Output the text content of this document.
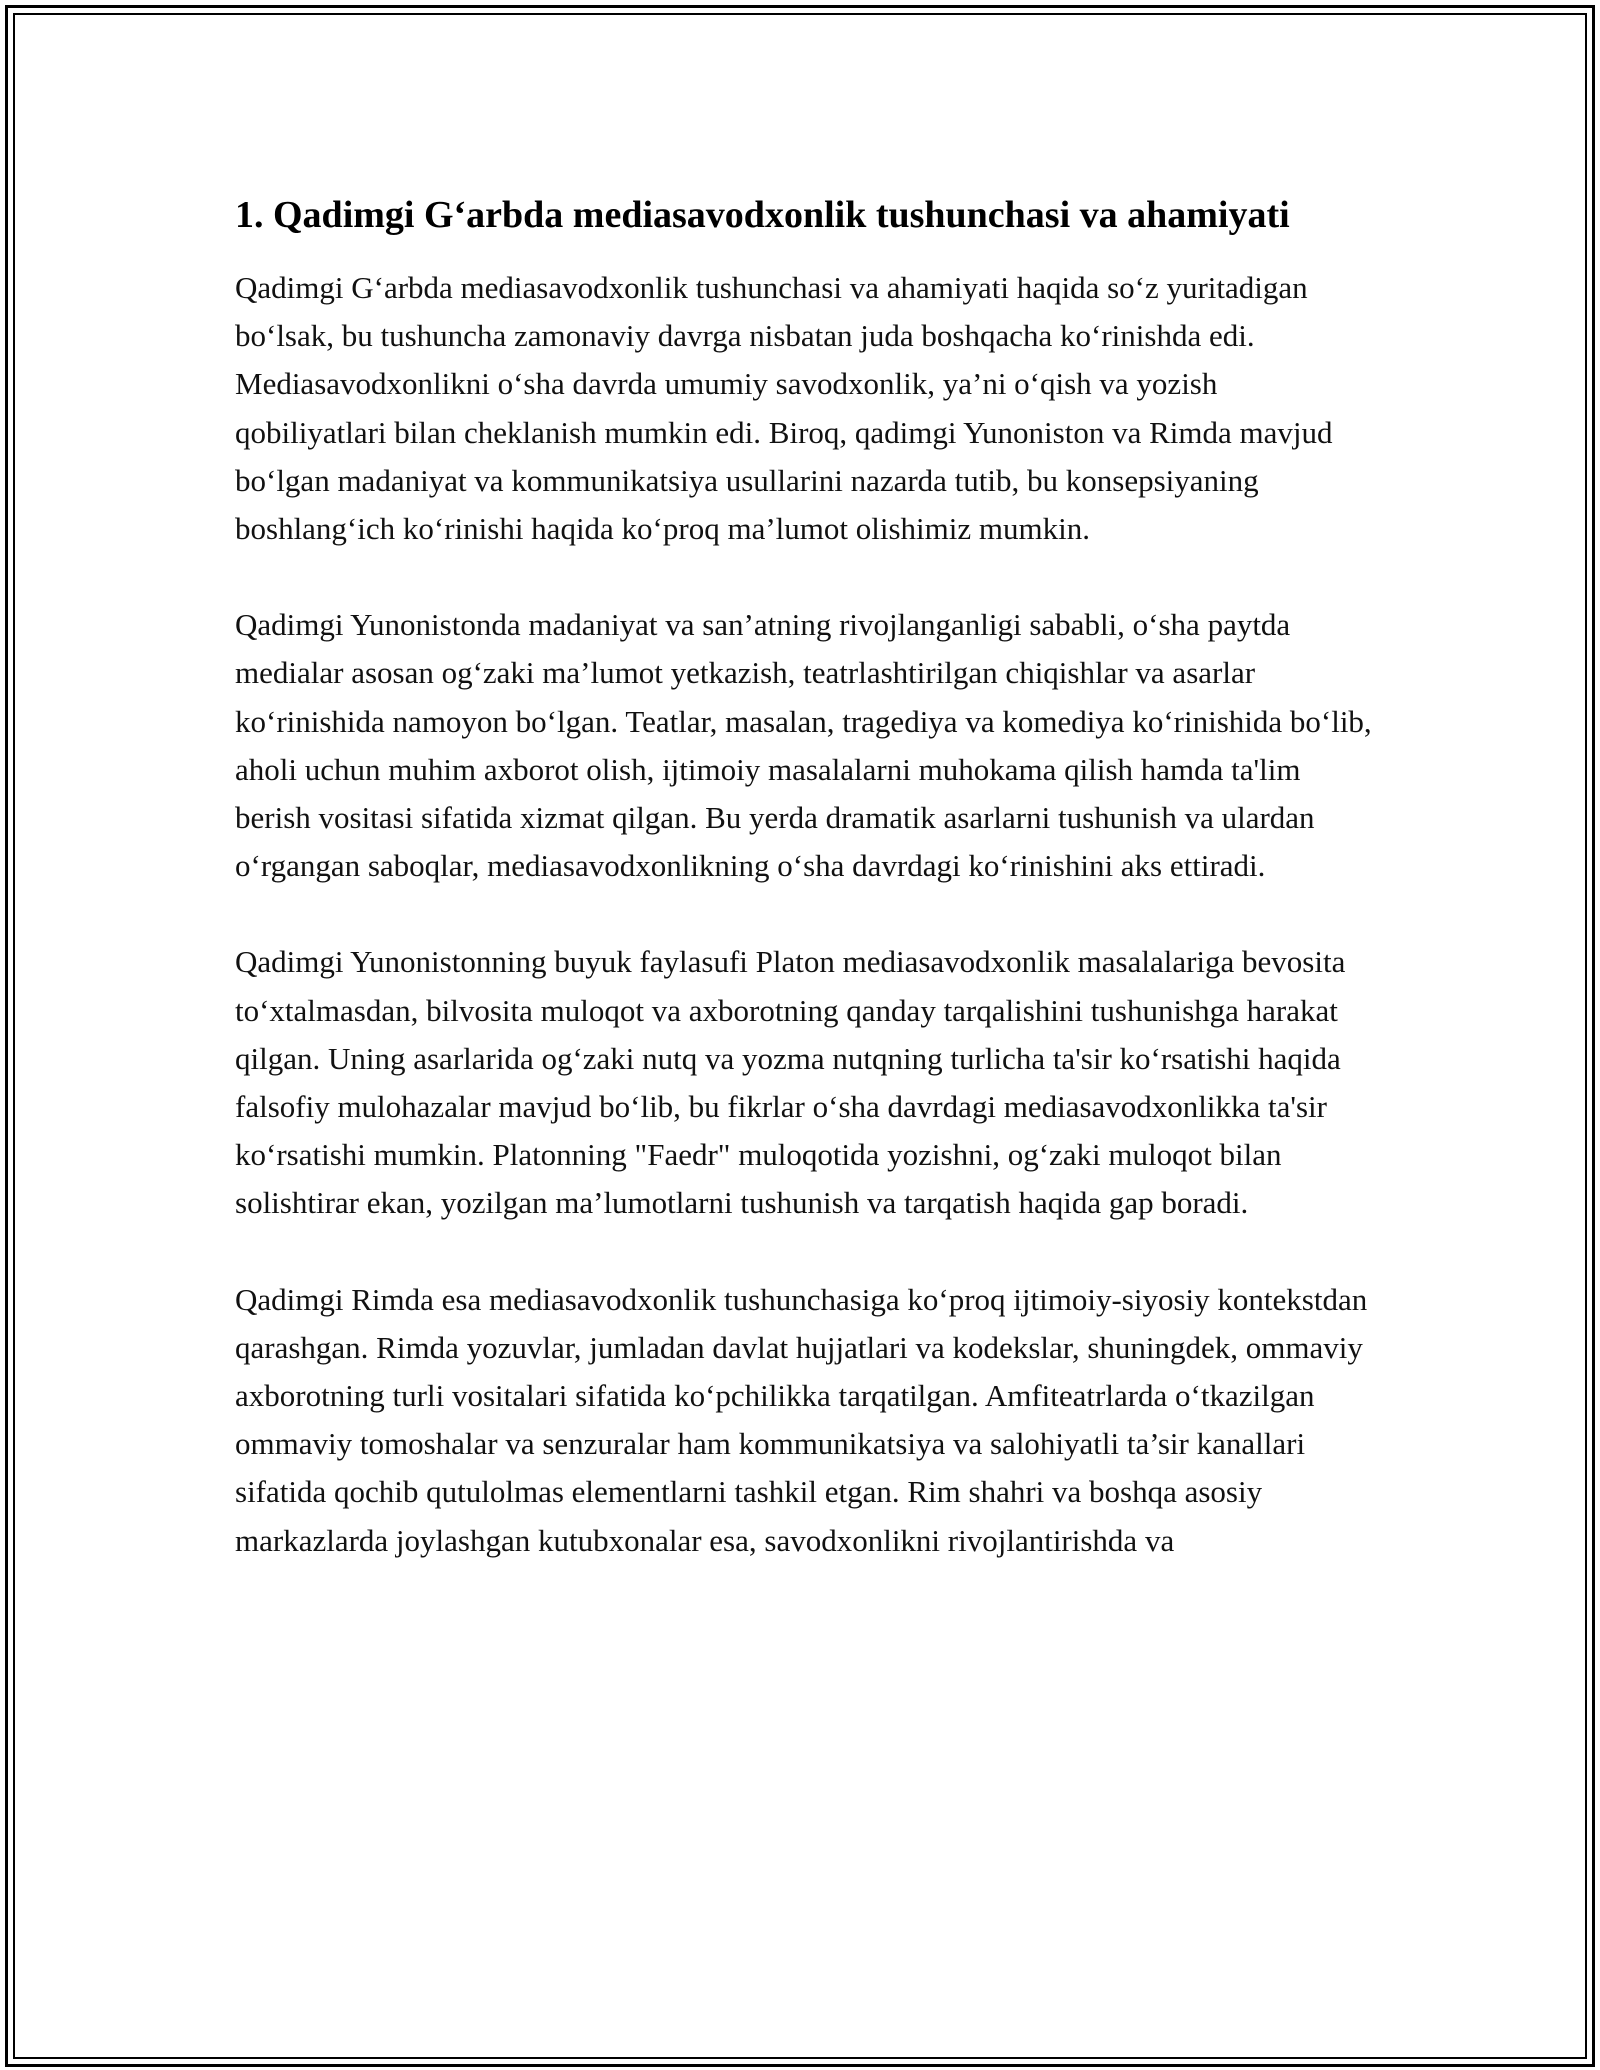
1. Qadimgi G‘arbda mediasavodxonlik tushunchasi va ahamiyati

Qadimgi G‘arbda mediasavodxonlik tushunchasi va ahamiyati haqida so‘z yuritadigan bo‘lsak, bu tushuncha zamonaviy davrga nisbatan juda boshqacha ko‘rinishda edi. Mediasavodxonlikni o‘sha davrda umumiy savodxonlik, ya’ni o‘qish va yozish qobiliyatlari bilan cheklanish mumkin edi. Biroq, qadimgi Yunoniston va Rimda mavjud bo‘lgan madaniyat va kommunikatsiya usullarini nazarda tutib, bu konsepsiyaning boshlang‘ich ko‘rinishi haqida ko‘proq ma’lumot olishimiz mumkin.

Qadimgi Yunonistonda madaniyat va san’atning rivojlanganligi sababli, o‘sha paytda medialar asosan og‘zaki ma’lumot yetkazish, teatrlashtirilgan chiqishlar va asarlar ko‘rinishida namoyon bo‘lgan. Teatlar, masalan, tragediya va komediya ko‘rinishida bo‘lib, aholi uchun muhim axborot olish, ijtimoiy masalalarni muhokama qilish hamda ta'lim berish vositasi sifatida xizmat qilgan. Bu yerda dramatik asarlarni tushunish va ulardan o‘rgangan saboqlar, mediasavodxonlikning o‘sha davrdagi ko‘rinishini aks ettiradi.

Qadimgi Yunonistonning buyuk faylasufi Platon mediasavodxonlik masalalariga bevosita to‘xtalmasdan, bilvosita muloqot va axborotning qanday tarqalishini tushunishga harakat qilgan. Uning asarlarida og‘zaki nutq va yozma nutqning turlicha ta'sir ko‘rsatishi haqida falsofiy mulohazalar mavjud bo‘lib, bu fikrlar o‘sha davrdagi mediasavodxonlikka ta'sir ko‘rsatishi mumkin. Platonning "Faedr" muloqotida yozishni, og‘zaki muloqot bilan solishtirar ekan, yozilgan ma’lumotlarni tushunish va tarqatish haqida gap boradi.

Qadimgi Rimda esa mediasavodxonlik tushunchasiga ko‘proq ijtimoiy-siyosiy kontekstdan qarashgan. Rimda yozuvlar, jumladan davlat hujjatlari va kodekslar, shuningdek, ommaviy axborotning turli vositalari sifatida ko‘pchilikka tarqatilgan. Amfiteatrlarda o‘tkazilgan ommaviy tomoshalar va senzuralar ham kommunikatsiya va salohiyatli ta’sir kanallari sifatida qochib qutulolmas elementlarni tashkil etgan. Rim shahri va boshqa asosiy markazlarda joylashgan kutubxonalar esa, savodxonlikni rivojlantirishda va
